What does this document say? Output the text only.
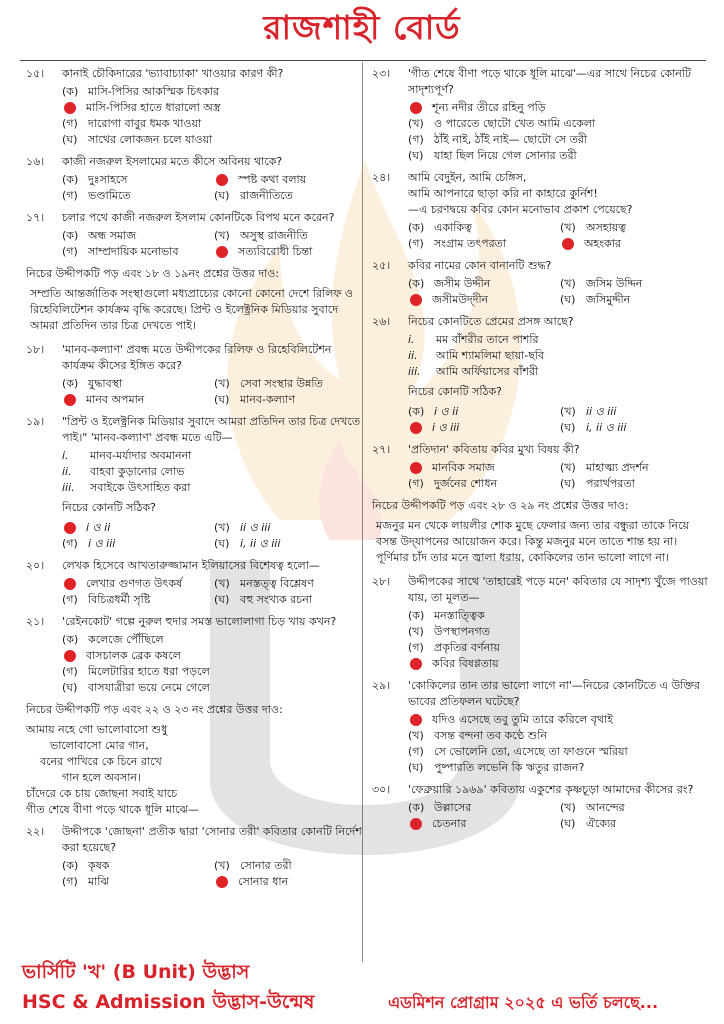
রাজশাহী বোর্ড
১৫।	কানাই চৌকিদারের 'ভ্যাবাচ্যাকা' খাওয়ার কারণ কী?
(ক) মাসি-পিসির আকস্মিক চিৎকার
মাসি-পিসির হাতে ধারালো অস্ত্র
(গ) দারোগা বাবুর ধমক খাওয়া
(ঘ) সাথের লোকজন চলে যাওয়া
১৬।	কাজী নজরুল ইসলামের মতে কীসে অবিনয় থাকে?
(ক) দুঃসাহসে	স্পষ্ট কথা বলায়
(গ) ভণ্ডামিতে	(ঘ) রাজনীতিতে
১৭।	চলার পথে কাজী নজরুল ইসলাম কোনটিকে বিপথ মনে করেন?
(ক) অন্ধ সমাজ	(খ) অসুস্থ রাজনীতি
(গ) সাম্প্রদায়িক মনোভাব	সত্যবিরোধী চিন্তা
নিচের উদ্দীপকটি পড় এবং ১৮ ও ১৯নং প্রশ্নের উত্তর দাও:
সম্প্রতি আন্তর্জাতিক সংস্থাগুলো মধ্যপ্রাচ্যের কোনো কোনো দেশে রিলিফ ও রিহেবিলিটেশন কার্যক্রম বৃদ্ধি করেছে। প্রিন্ট ও ইলেক্ট্রনিক মিডিয়ার সুবাদে আমরা প্রতিদিন তার চিত্র দেখতে পাই।
১৮।	'মানব-কল্যাণ' প্রবন্ধ মতে উদ্দীপকের রিলিফ ও রিহেবিলিটেশন কার্যক্রম কীসের ইঙ্গিত করে?
(ক) যুদ্ধাবস্থা	(খ) সেবা সংস্থার উন্নতি
মানব অপমান	(ঘ) মানব-কল্যাণ
১৯।	"প্রিন্ট ও ইলেক্ট্রনিক মিডিয়ার সুবাদে আমরা প্রতিদিন তার চিত্র দেখতে পাই।" 'মানব-কল্যাণ' প্রবন্ধ মতে এটি—
i.	মানব-মর্যাদার অবমাননা
ii.	বাহবা কুড়ানোর লোভ
iii.	সবাইকে উৎসাহিত করা
নিচের কোনটি সঠিক?
i ও ii	(খ) ii ও iii
(গ) i ও iii	(ঘ) i, ii ও iii
২০।	লেখক হিসেবে আখতারুজ্জামান ইলিয়াসের বিশেষত্ব হলো—
লেখার গুণগত উৎকর্ষ	(খ) মনস্তত্ত্ব বিশ্লেষণ
(গ) বিচিত্রধর্মী সৃষ্টি	(ঘ) বহু সংখ্যক রচনা
২১।	'রেইনকোট' গল্পে নুরুল হুদার সমস্ত ভালোলাগা চিড় খায় কখন?
(ক) কলেজে পৌঁছিলে
বাসচালক ব্রেক কষলে
(গ) মিলেটারির হাতে ধরা পড়লে
(ঘ) বাসযাত্রীরা ভয়ে নেমে গেলে
নিচের উদ্দীপকটি পড় এবং ২২ ও ২৩ নং প্রশ্নের উত্তর দাও:
আমায় নহে গো ভালোবাসো শুধু
ভালোবাসো মোর গান,
বনের পাখিরে কে চিনে রাখে
গান হলে অবসান।
চাঁদেরে কে চায় জোছনা সবাই যাচে
গীত শেষে বীণা পড়ে থাকে ধূলি মাঝে—
২২।	উদ্দীপকে 'জোছনা' প্রতীক দ্বারা 'সোনার তরী' কবিতার কোনটি নির্দেশ করা হয়েছে?
(ক) কৃষক	(খ) সোনার তরী
(গ) মাঝি	সোনার ধান
২৩।	'গীত শেষে বীণা পড়ে থাকে ধূলি মাঝে'—এর সাথে নিচের কোনটি সাদৃশ্যপূর্ণ?
শূন্য নদীর তীরে রহিনু পড়ি
(খ) ও পারেতে ছোটো খেত আমি একেলা
(গ) ঠাঁই নাই, ঠাঁই নাই— ছোটো সে তরী
(ঘ) যাহা ছিল নিয়ে গেল সোনার তরী
২৪।	আমি বেদুইন, আমি চেঙ্গিস,
আমি আপনারে ছাড়া করি না কাহারে কুর্নিশ!
—এ চরণদ্বয়ে কবির কোন মনোভাব প্রকাশ পেয়েছে?
(ক) একাকিত্ব	(খ) অসহায়ত্ব
(গ) সংগ্রাম তৎপরতা	অহংকার
২৫।	কবির নামের কোন বানানটি শুদ্ধ?
(ক) জসীম উদ্দীন	(খ) জসিম উদ্দিন
জসীমউদ্‌দীন	(ঘ) জসিমুদ্দীন
২৬।	নিচের কোনটিতে প্রেমের প্রসঙ্গ আছে?
i.	মম বাঁশরীর তানে পাশরি
ii.	আমি শ্যামলিমা ছায়া-ছবি
iii.	আমি অর্ফিয়াসের বাঁশরী
নিচের কোনটি সঠিক?
(ক) i ও ii	(খ) ii ও iii
i ও iii	(ঘ) i, ii ও iii
২৭।	'প্রতিদান' কবিতায় কবির মুখ্য বিষয় কী?
মানবিক সমাজ	(খ) মাহাত্ম্য প্রদর্শন
(গ) দুর্জনের শোধন	(ঘ) পরার্থপরতা
নিচের উদ্দীপকটি পড় এবং ২৮ ও ২৯ নং প্রশ্নের উত্তর দাও:
মজনুর মন থেকে লায়লীর শোক মুছে ফেলার জন্য তার বন্ধুরা তাকে নিয়ে বসন্ত উদ্‌যাপনের আয়োজন করে। কিন্তু মজনুর মনে তাতে শান্ত হয় না। পূর্ণিমার চাঁদ তার মনে জ্বালা ধরায়, কোকিলের তান ভালো লাগে না।
২৮।	উদ্দীপকের সাথে 'তাহারেই পড়ে মনে' কবিতার যে সাদৃশ্য খুঁজে পাওয়া যায়, তা মূলত—
(ক) মনস্তাত্ত্বিক
(খ) উপস্থাপনগত
(গ) প্রকৃতির বর্ণনায়
কবির বিষণ্ণতায়
২৯।	'কোকিলের তান তার ভালো লাগে না'—নিচের কোনটিতে এ উক্তির ভাবের প্রতিফলন ঘটেছে?
যদিও এসেছে তবু তুমি তারে করিলে বৃথাই
(খ) বসন্ত বন্দনা তব কণ্ঠে শুনি
(গ) সে ভোলেনি তো, এসেছে তা ফাগুনে স্মরিয়া
(ঘ) পুষ্পারতি লভেনি কি ঋতুর রাজন?
৩০।	'ফেব্রুয়ারি ১৯৬৯' কবিতায় একুশের কৃষ্ণচূড়া আমাদের কীসের রং?
(ক) উল্লাসের	(খ) আনন্দের
চেতনার	(ঘ) ঐক্যের
ভার্সিটি 'খ' (B Unit) উদ্ভাস
HSC & Admission উদ্ভাস-উন্মেষ	এডমিশন প্রোগ্রাম ২০২৫ এ ভর্তি চলছে...
